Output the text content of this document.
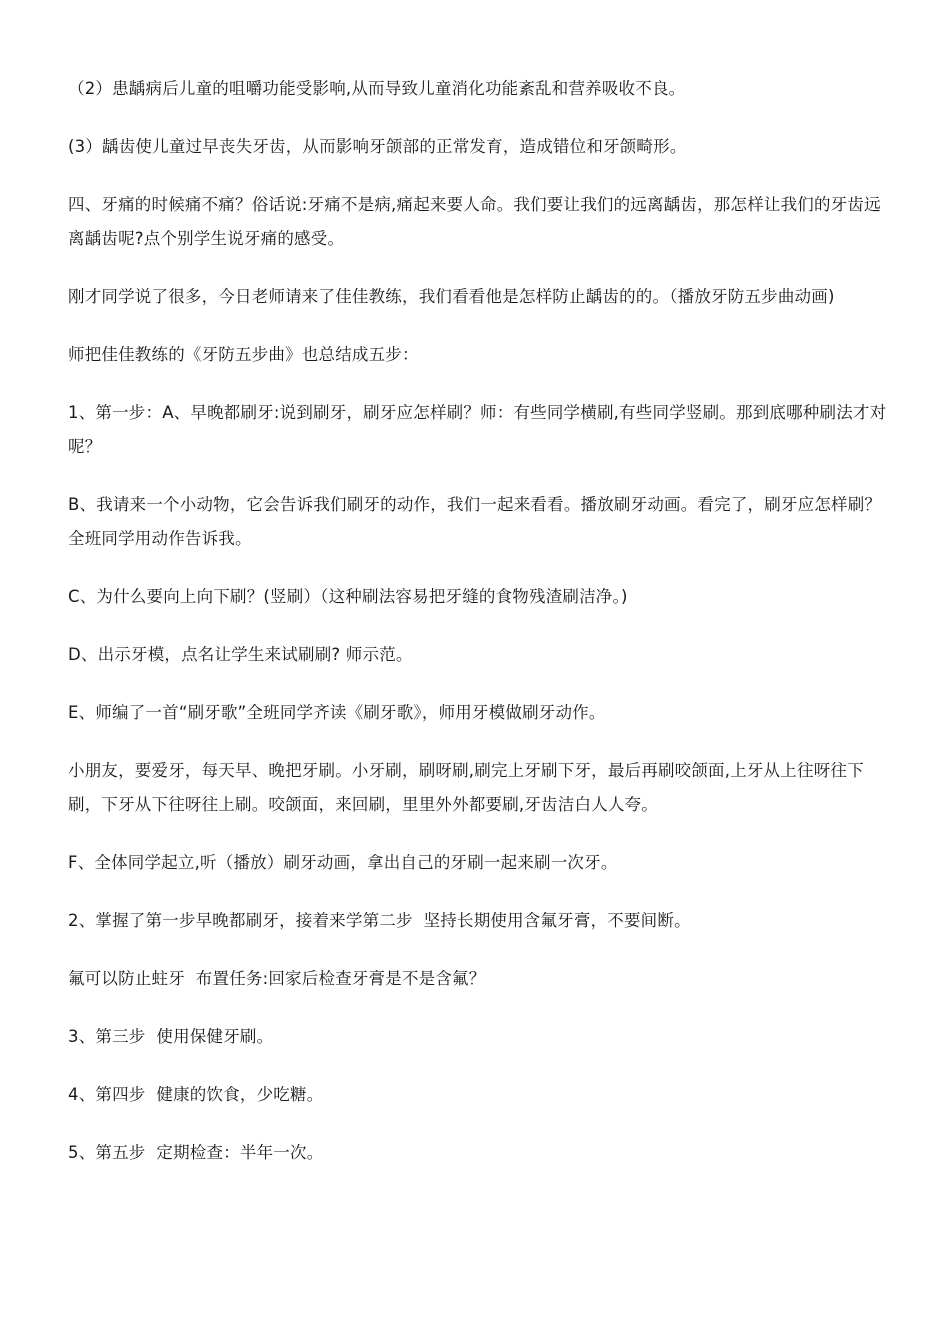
（2）患龋病后儿童的咀嚼功能受影响,从而导致儿童消化功能紊乱和营养吸收不良。

(3）龋齿使儿童过早丧失牙齿，从而影响牙颌部的正常发育，造成错位和牙颌畸形。

四、牙痛的时候痛不痛？俗话说:牙痛不是病,痛起来要人命。我们要让我们的远离龋齿，那怎样让我们的牙齿远离龋齿呢?点个别学生说牙痛的感受。

刚才同学说了很多，今日老师请来了佳佳教练，我们看看他是怎样防止龋齿的的。（播放牙防五步曲动画)

师把佳佳教练的《牙防五步曲》也总结成五步：

1、第一步：A、早晚都刷牙:说到刷牙，刷牙应怎样刷？师：有些同学横刷,有些同学竖刷。那到底哪种刷法才对呢？

B、我请来一个小动物，它会告诉我们刷牙的动作，我们一起来看看。播放刷牙动画。看完了，刷牙应怎样刷？全班同学用动作告诉我。

C、为什么要向上向下刷？(竖刷）（这种刷法容易把牙缝的食物残渣刷洁净。)

D、出示牙模，点名让学生来试刷刷? 师示范。

E、师编了一首“刷牙歌”全班同学齐读《刷牙歌》，师用牙模做刷牙动作。

小朋友，要爱牙，每天早、晚把牙刷。小牙刷，刷呀刷,刷完上牙刷下牙，最后再刷咬颌面,上牙从上往呀往下刷，下牙从下往呀往上刷。咬颌面，来回刷，里里外外都要刷,牙齿洁白人人夸。

F、全体同学起立,听（播放）刷牙动画，拿出自己的牙刷一起来刷一次牙。

2、掌握了第一步早晚都刷牙，接着来学第二步  坚持长期使用含氟牙膏，不要间断。

氟可以防止蛀牙  布置任务:回家后检查牙膏是不是含氟？

3、第三步  使用保健牙刷。

4、第四步  健康的饮食，少吃糖。

5、第五步  定期检查：半年一次。
